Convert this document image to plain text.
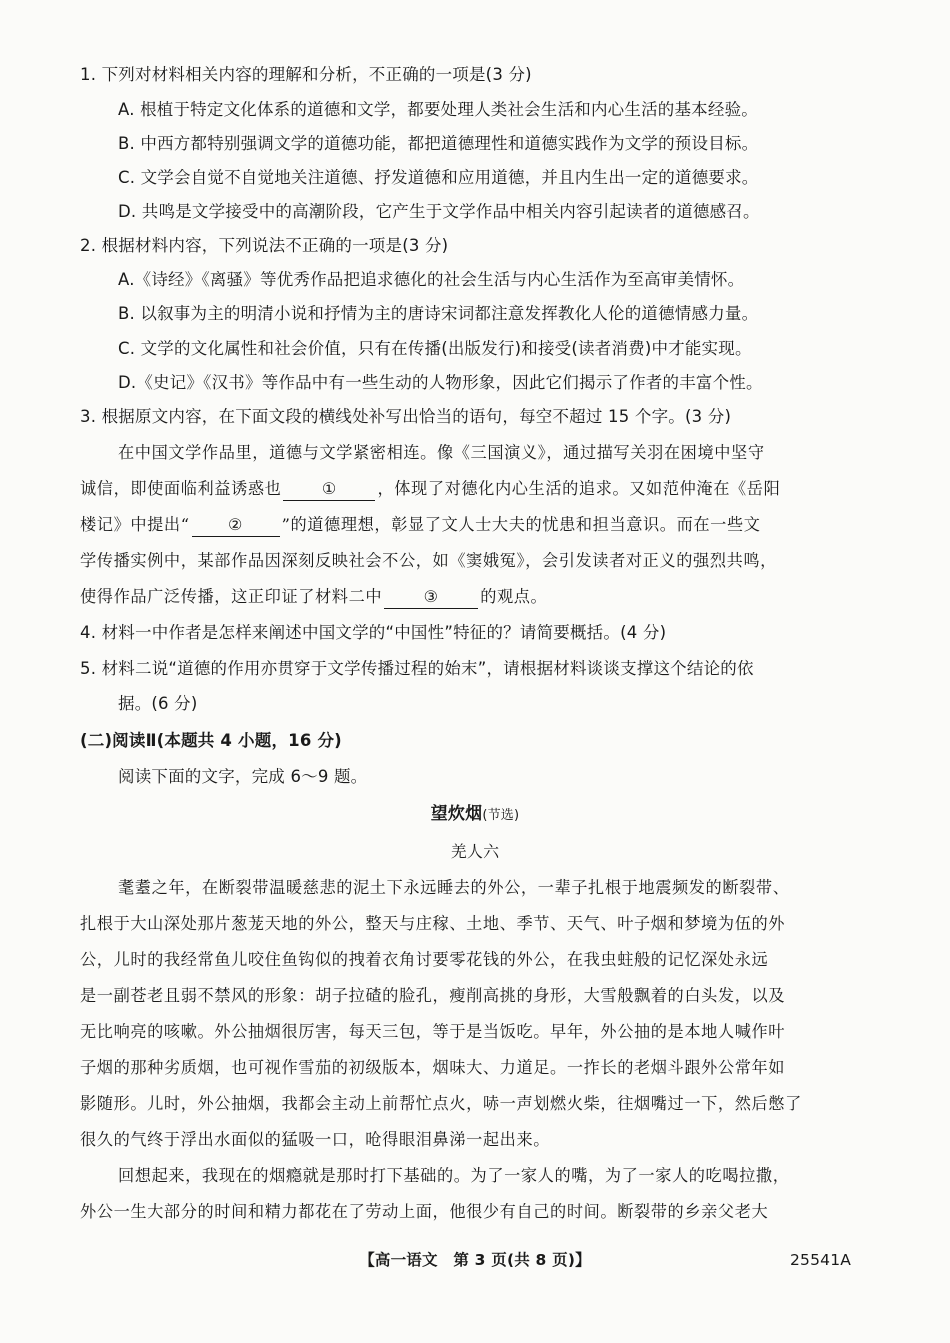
1. 下列对材料相关内容的理解和分析，不正确的一项是(3 分)
A. 根植于特定文化体系的道德和文学，都要处理人类社会生活和内心生活的基本经验。
B. 中西方都特别强调文学的道德功能，都把道德理性和道德实践作为文学的预设目标。
C. 文学会自觉不自觉地关注道德、抒发道德和应用道德，并且内生出一定的道德要求。
D. 共鸣是文学接受中的高潮阶段，它产生于文学作品中相关内容引起读者的道德感召。
2. 根据材料内容，下列说法不正确的一项是(3 分)
A.《诗经》《离骚》等优秀作品把追求德化的社会生活与内心生活作为至高审美情怀。
B. 以叙事为主的明清小说和抒情为主的唐诗宋词都注意发挥教化人伦的道德情感力量。
C. 文学的文化属性和社会价值，只有在传播(出版发行)和接受(读者消费)中才能实现。
D.《史记》《汉书》等作品中有一些生动的人物形象，因此它们揭示了作者的丰富个性。
3. 根据原文内容，在下面文段的横线处补写出恰当的语句，每空不超过 15 个字。(3 分)
在中国文学作品里，道德与文学紧密相连。像《三国演义》，通过描写关羽在困境中坚守
诚信，即使面临利益诱惑也 ① ，体现了对德化内心生活的追求。又如范仲淹在《岳阳
楼记》中提出“ ② ”的道德理想，彰显了文人士大夫的忧患和担当意识。而在一些文
学传播实例中，某部作品因深刻反映社会不公，如《窦娥冤》，会引发读者对正义的强烈共鸣，
使得作品广泛传播，这正印证了材料二中	③	的观点。
4. 材料一中作者是怎样来阐述中国文学的“中国性”特征的？请简要概括。(4 分)
5. 材料二说“道德的作用亦贯穿于文学传播过程的始末”，请根据材料谈谈支撑这个结论的依
据。(6 分)
(二)阅读Ⅱ(本题共 4 小题，16 分)
阅读下面的文字，完成 6～9 题。
望炊烟(节选)
羌人六
耄耋之年，在断裂带温暖慈悲的泥土下永远睡去的外公，一辈子扎根于地震频发的断裂带、
扎根于大山深处那片葱茏天地的外公，整天与庄稼、土地、季节、天气、叶子烟和梦境为伍的外
公，儿时的我经常鱼儿咬住鱼钩似的拽着衣角讨要零花钱的外公，在我虫蛀般的记忆深处永远
是一副苍老且弱不禁风的形象：胡子拉碴的脸孔，瘦削高挑的身形，大雪般飘着的白头发，以及
无比响亮的咳嗽。外公抽烟很厉害，每天三包，等于是当饭吃。早年，外公抽的是本地人喊作叶
子烟的那种劣质烟，也可视作雪茄的初级版本，烟味大、力道足。一拃长的老烟斗跟外公常年如
影随形。儿时，外公抽烟，我都会主动上前帮忙点火，哧一声划燃火柴，往烟嘴过一下，然后憋了
很久的气终于浮出水面似的猛吸一口，呛得眼泪鼻涕一起出来。
回想起来，我现在的烟瘾就是那时打下基础的。为了一家人的嘴，为了一家人的吃喝拉撒，
外公一生大部分的时间和精力都花在了劳动上面，他很少有自己的时间。断裂带的乡亲父老大
【高一语文　第 3 页(共 8 页)】	25541A
